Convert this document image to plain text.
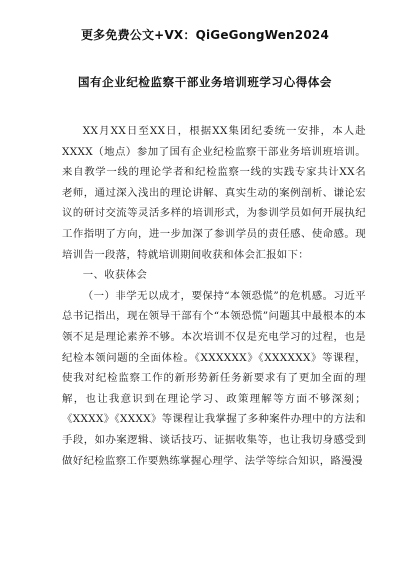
更多免费公文+VX：QiGeGongWen2024
国有企业纪检监察干部业务培训班学习心得体会

XX月XX日至XX日，根据XX集团纪委统一安排，本人赴XXXX（地点）参加了国有企业纪检监察干部业务培训班培训。来自教学一线的理论学者和纪检监察一线的实践专家共计XX名老师，通过深入浅出的理论讲解、真实生动的案例剖析、谦论宏议的研讨交流等灵活多样的培训形式，为参训学员如何开展执纪工作指明了方向，进一步加深了参训学员的责任感、使命感。现培训告一段落，特就培训期间收获和体会汇报如下：

一、收获体会

（一）非学无以成才，要保持“本领恐慌”的危机感。习近平总书记指出，现在领导干部有个“本领恐慌”问题其中最根本的本领不足是理论素养不够。本次培训不仅是充电学习的过程，也是纪检本领问题的全面体检。《XXXXXX》《XXXXXX》等课程，使我对纪检监察工作的新形势新任务新要求有了更加全面的理解，也让我意识到在理论学习、政策理解等方面不够深刻；《XXXX》《XXXX》等课程让我掌握了多种案件办理中的方法和手段，如办案逻辑、谈话技巧、证据收集等，也让我切身感受到做好纪检监察工作要熟练掌握心理学、法学等综合知识，路漫漫
